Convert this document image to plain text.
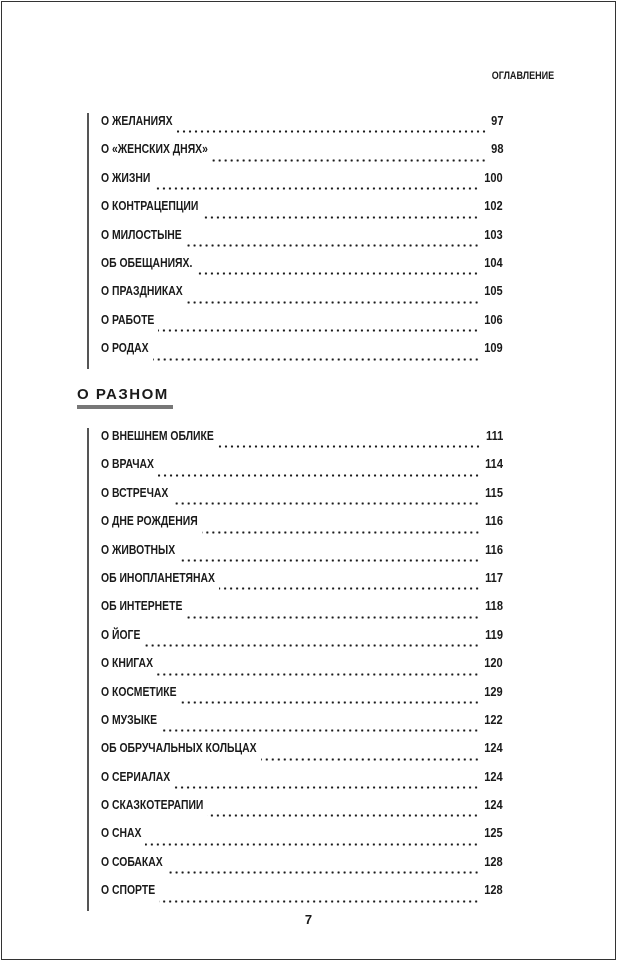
ОГЛАВЛЕНИЕ
О ЖЕЛАНИЯХ	97
О «ЖЕНСКИХ ДНЯХ»	98
О ЖИЗНИ	100
О КОНТРАЦЕПЦИИ	102
О МИЛОСТЫНЕ	103
ОБ ОБЕЩАНИЯХ.	104
О ПРАЗДНИКАХ	105
О РАБОТЕ	106
О РОДАХ	109
О РАЗНОМ
О ВНЕШНЕМ ОБЛИКЕ	111
О ВРАЧАХ	114
О ВСТРЕЧАХ	115
О ДНЕ РОЖДЕНИЯ	116
О ЖИВОТНЫХ	116
ОБ ИНОПЛАНЕТЯНАХ	117
ОБ ИНТЕРНЕТЕ	118
О ЙОГЕ	119
О КНИГАХ	120
О КОСМЕТИКЕ	129
О МУЗЫКЕ	122
ОБ ОБРУЧАЛЬНЫХ КОЛЬЦАХ	124
О СЕРИАЛАХ	124
О СКАЗКОТЕРАПИИ	124
О СНАХ	125
О СОБАКАХ	128
О СПОРТЕ	128
7
